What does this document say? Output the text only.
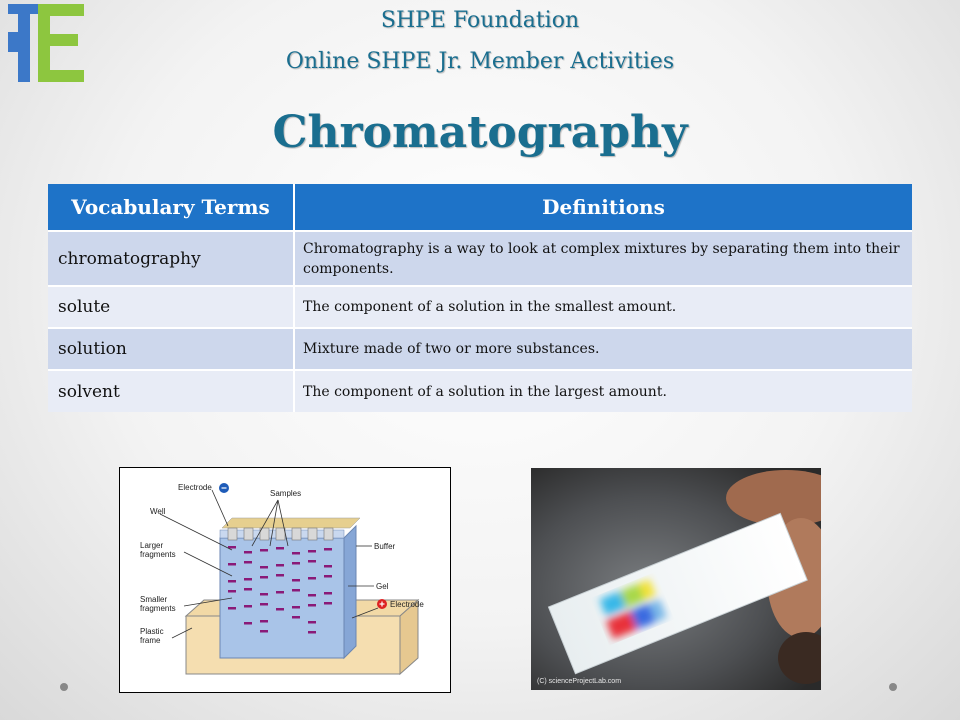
SHPE Foundation
Online SHPE Jr. Member Activities
Chromatography
Vocabulary Terms	Definitions
chromatography	Chromatography is a way to look at complex mixtures by separating them into their components.
solute	The component of a solution in the smallest amount.
solution	Mixture made of two or more substances.
solvent	The component of a solution in the largest amount.
Electrode
Samples
Well
Larger
fragments
Buffer
Gel
Smaller
fragments	Electrode
Plastic
frame
(C) scienceProjectLab.com
